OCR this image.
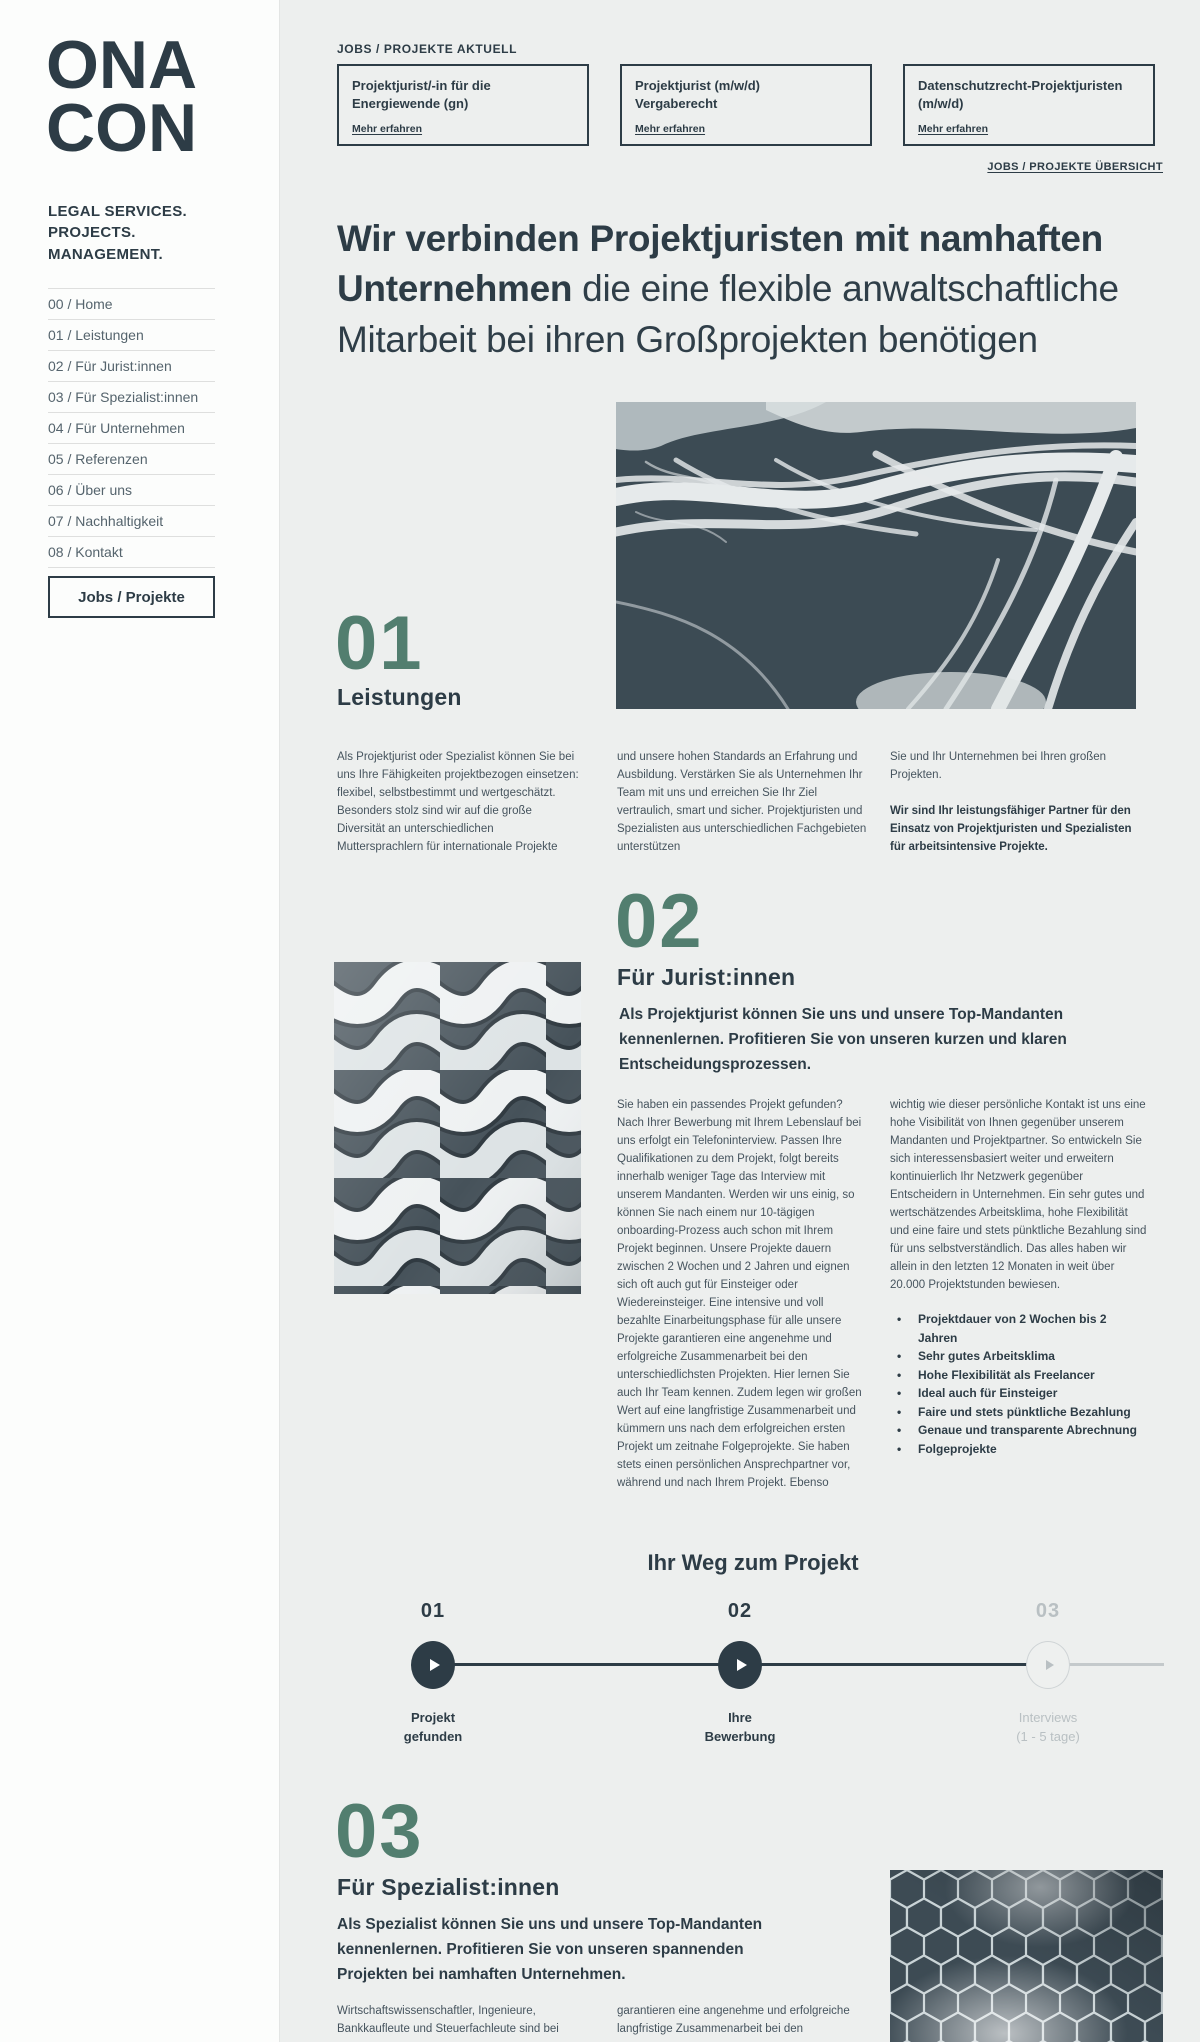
ONA
CON
LEGAL SERVICES.
PROJECTS.
MANAGEMENT.
00 / Home
01 / Leistungen
02 / Für Jurist:innen
03 / Für Spezialist:innen
04 / Für Unternehmen
05 / Referenzen
06 / Über uns
07 / Nachhaltigkeit
08 / Kontakt
Jobs / Projekte
JOBS / PROJEKTE AKTUELL
Projektjurist/-in für die Energiewende (gn)
Mehr erfahren
Projektjurist (m/w/d) Vergaberecht
Mehr erfahren
Datenschutzrecht-Projektjuristen (m/w/d)
Mehr erfahren
JOBS / PROJEKTE ÜBERSICHT
Wir verbinden Projektjuristen mit namhaften Unternehmen die eine flexible anwaltschaftliche Mitarbeit bei ihren Großprojekten benötigen
01
Leistungen

Als Projektjurist oder Spezialist können Sie bei uns Ihre Fähigkeiten projektbezogen einsetzen: flexibel, selbstbestimmt und wertgeschätzt. Besonders stolz sind wir auf die große Diversität an unterschiedlichen Muttersprachlern für internationale Projekte

und unsere hohen Standards an Erfahrung und Ausbildung. Verstärken Sie als Unternehmen Ihr Team mit uns und erreichen Sie Ihr Ziel vertraulich, smart und sicher. Projektjuristen und Spezialisten aus unterschiedlichen Fachgebieten unterstützen

Sie und Ihr Unternehmen bei Ihren großen Projekten.

Wir sind Ihr leistungsfähiger Partner für den Einsatz von Projektjuristen und Spezialisten für arbeitsintensive Projekte.

02
Für Jurist:innen

Als Projektjurist können Sie uns und unsere Top-Mandanten kennenlernen. Profitieren Sie von unseren kurzen und klaren Entscheidungsprozessen.

Sie haben ein passendes Projekt gefunden? Nach Ihrer Bewerbung mit Ihrem Lebenslauf bei uns erfolgt ein Telefoninterview. Passen Ihre Qualifikationen zu dem Projekt, folgt bereits innerhalb weniger Tage das Interview mit unserem Mandanten. Werden wir uns einig, so können Sie nach einem nur 10-tägigen onboarding-Prozess auch schon mit Ihrem Projekt beginnen. Unsere Projekte dauern zwischen 2 Wochen und 2 Jahren und eignen sich oft auch gut für Einsteiger oder Wiedereinsteiger. Eine intensive und voll bezahlte Einarbeitungsphase für alle unsere Projekte garantieren eine angenehme und erfolgreiche Zusammenarbeit bei den unterschiedlichsten Projekten. Hier lernen Sie auch Ihr Team kennen. Zudem legen wir großen Wert auf eine langfristige Zusammenarbeit und kümmern uns nach dem erfolgreichen ersten Projekt um zeitnahe Folgeprojekte. Sie haben stets einen persönlichen Ansprechpartner vor, während und nach Ihrem Projekt. Ebenso

wichtig wie dieser persönliche Kontakt ist uns eine hohe Visibilität von Ihnen gegenüber unserem Mandanten und Projektpartner. So entwickeln Sie sich interessensbasiert weiter und erweitern kontinuierlich Ihr Netzwerk gegenüber Entscheidern in Unternehmen. Ein sehr gutes und wertschätzendes Arbeitsklima, hohe Flexibilität und eine faire und stets pünktliche Bezahlung sind für uns selbstverständlich. Das alles haben wir allein in den letzten 12 Monaten in weit über 20.000 Projektstunden bewiesen.

• Projektdauer von 2 Wochen bis 2 Jahren
• Sehr gutes Arbeitsklima
• Hohe Flexibilität als Freelancer
• Ideal auch für Einsteiger
• Faire und stets pünktliche Bezahlung
• Genaue und transparente Abrechnung
• Folgeprojekte
Ihr Weg zum Projekt
01	02	03
Projekt
gefunden
Ihre
Bewerbung
Interviews
(1 - 5 tage)
03
Für Spezialist:innen

Als Spezialist können Sie uns und unsere Top-Mandanten kennenlernen. Profitieren Sie von unseren spannenden Projekten bei namhaften Unternehmen.

Wirtschaftswissenschaftler, Ingenieure, Bankkaufleute und Steuerfachleute sind bei

garantieren eine angenehme und erfolgreiche langfristige Zusammenarbeit bei den
